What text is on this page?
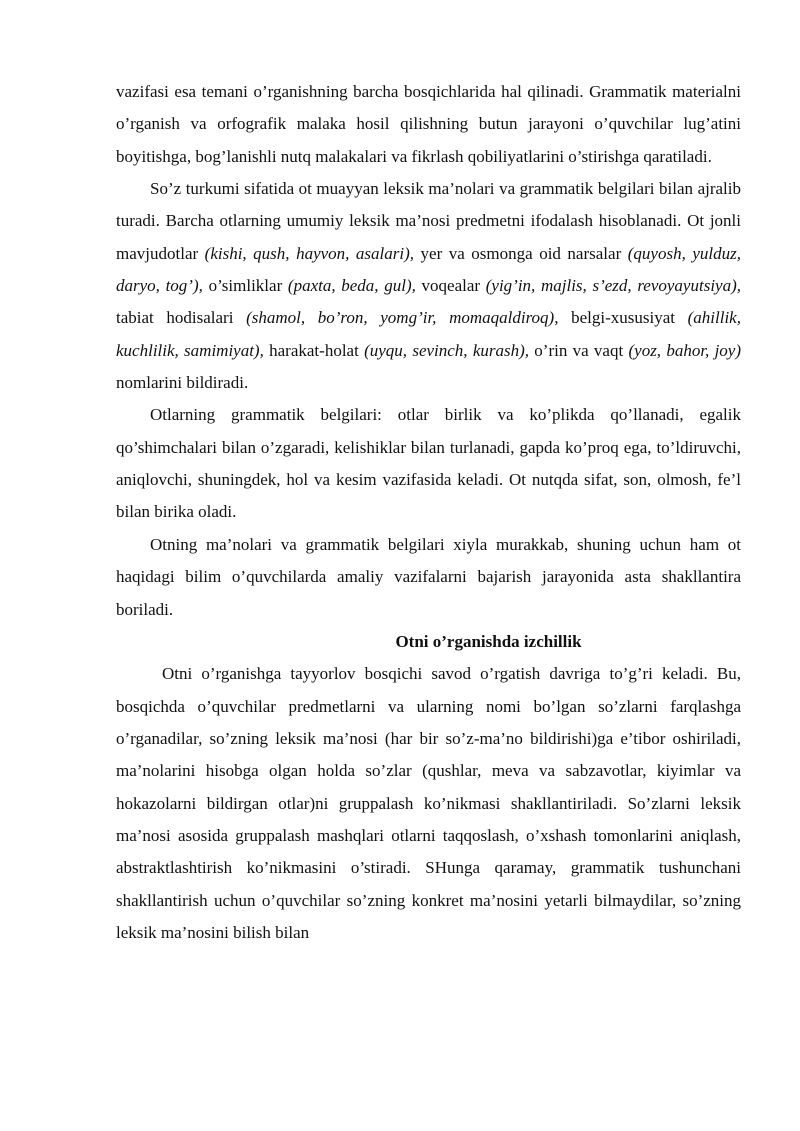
vazifasi esa temani o’rganishning barcha bosqichlarida hal qilinadi. Grammatik materialni o’rganish va orfografik malaka hosil qilishning butun jarayoni o’quvchilar lug’atini boyitishga, bog’lanishli nutq malakalari va fikrlash qobiliyatlarini o’stirishga qaratiladi.

So’z turkumi sifatida ot muayyan leksik ma’nolari va grammatik belgilari bilan ajralib turadi. Barcha otlarning umumiy leksik ma’nosi predmetni ifodalash hisoblanadi. Ot jonli mavjudotlar (kishi, qush, hayvon, asalari), yer va osmonga oid narsalar (quyosh, yulduz, daryo, tog’), o’simliklar (paxta, beda, gul), voqealar (yig’in, majlis, s’ezd, revoyayutsiya), tabiat hodisalari (shamol, bo’ron, yomg’ir, momaqaldiroq), belgi-xususiyat (ahillik, kuchlilik, samimiyat), harakat-holat (uyqu, sevinch, kurash), o’rin va vaqt (yoz, bahor, joy) nomlarini bildiradi.

Otlarning grammatik belgilari: otlar birlik va ko’plikda qo’llanadi, egalik qo’shimchalari bilan o’zgaradi, kelishiklar bilan turlanadi, gapda ko’proq ega, to’ldiruvchi, aniqlovchi, shuningdek, hol va kesim vazifasida keladi. Ot nutqda sifat, son, olmosh, fe’l bilan birika oladi.

Otning ma’nolari va grammatik belgilari xiyla murakkab, shuning uchun ham ot haqidagi bilim o’quvchilarda amaliy vazifalarni bajarish jarayonida asta shakllantira boriladi.

Otni o’rganishda izchillik

Otni o’rganishga tayyorlov bosqichi savod o’rgatish davriga to’g’ri keladi. Bu, bosqichda o’quvchilar predmetlarni va ularning nomi bo’lgan so’zlarni farqlashga o’rganadilar, so’zning leksik ma’nosi (har bir so’z-ma’no bildirishi)ga e’tibor oshiriladi, ma’nolarini hisobga olgan holda so’zlar (qushlar, meva va sabzavotlar, kiyimlar va hokazolarni bildirgan otlar)ni gruppalash ko’nikmasi shakllantiriladi. So’zlarni leksik ma’nosi asosida gruppalash mashqlari otlarni taqqoslash, o’xshash tomonlarini aniqlash, abstraktlashtirish ko’nikmasini o’stiradi. SHunga qaramay, grammatik tushunchani shakllantirish uchun o’quvchilar so’zning konkret ma’nosini yetarli bilmaydilar, so’zning leksik ma’nosini bilish bilan
